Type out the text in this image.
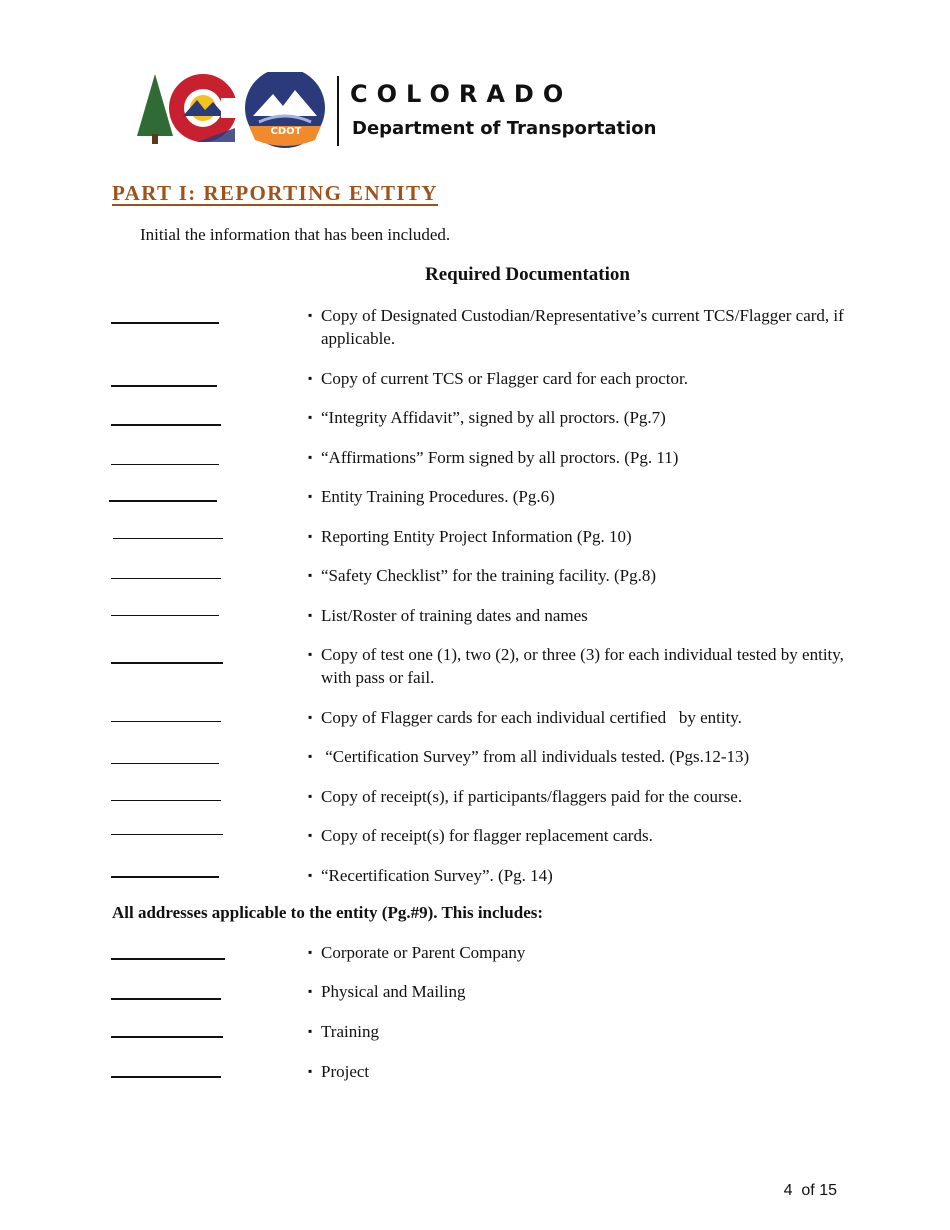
CDOT
COLORADO
Department of Transportation
PART I: REPORTING ENTITY
Initial the information that has been included.
Required Documentation
▪ Copy of Designated Custodian/Representative’s current TCS/Flagger card, if applicable.
▪ Copy of current TCS or Flagger card for each proctor.
▪ “Integrity Affidavit”, signed by all proctors. (Pg.7)
▪ “Affirmations” Form signed by all proctors. (Pg. 11)
▪ Entity Training Procedures. (Pg.6)
▪ Reporting Entity Project Information (Pg. 10)
▪ “Safety Checklist” for the training facility. (Pg.8)
▪ List/Roster of training dates and names
▪ Copy of test one (1), two (2), or three (3) for each individual tested by entity, with pass or fail.
▪ Copy of Flagger cards for each individual certified   by entity.
▪ “Certification Survey” from all individuals tested. (Pgs.12-13)
▪ Copy of receipt(s), if participants/flaggers paid for the course.
▪ Copy of receipt(s) for flagger replacement cards.
▪ “Recertification Survey”. (Pg. 14)
All addresses applicable to the entity (Pg.#9). This includes:
▪ Corporate or Parent Company
▪ Physical and Mailing
▪ Training
▪ Project
4 of 15
